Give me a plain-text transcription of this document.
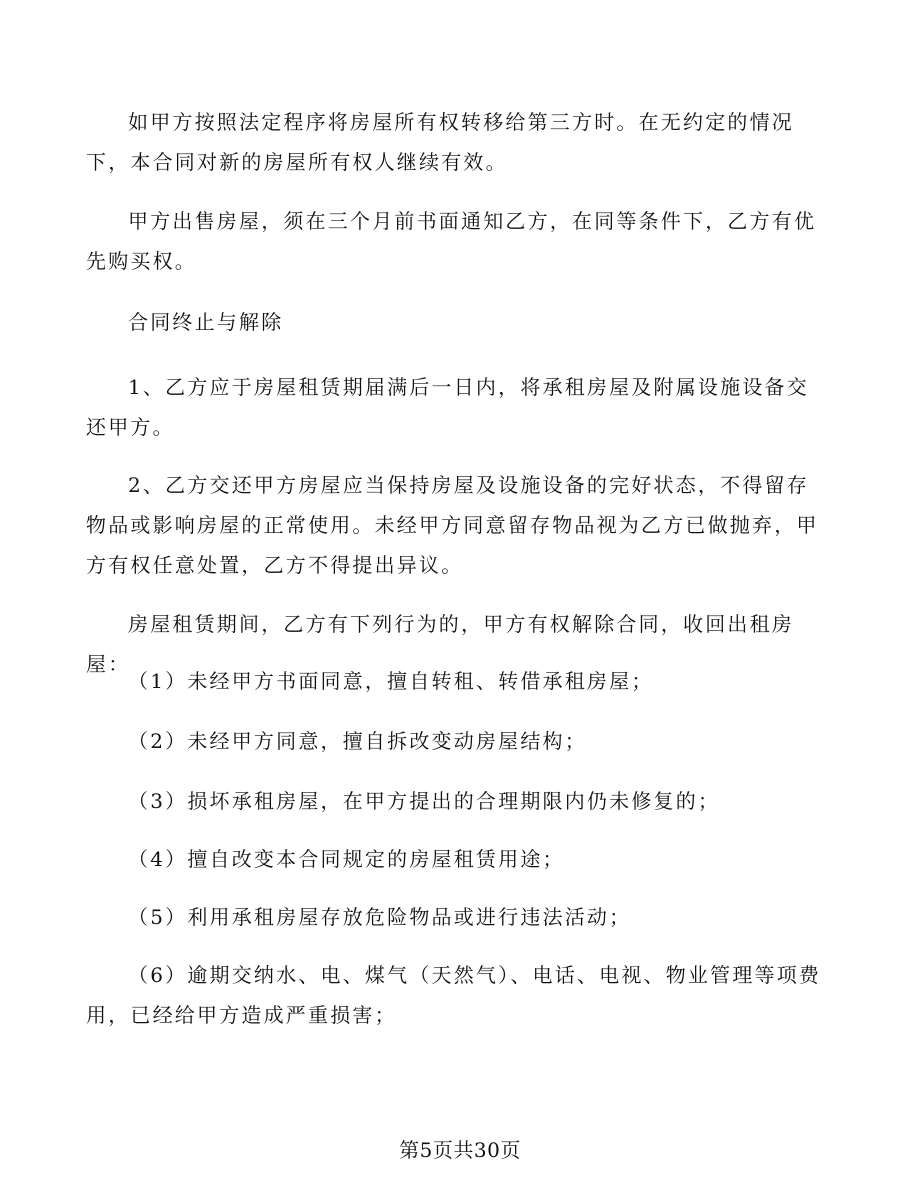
如甲方按照法定程序将房屋所有权转移给第三方时。在无约定的情况下，本合同对新的房屋所有权人继续有效。

甲方出售房屋，须在三个月前书面通知乙方，在同等条件下，乙方有优先购买权。

合同终止与解除

1、乙方应于房屋租赁期届满后一日内，将承租房屋及附属设施设备交还甲方。

2、乙方交还甲方房屋应当保持房屋及设施设备的完好状态，不得留存物品或影响房屋的正常使用。未经甲方同意留存物品视为乙方已做抛弃，甲方有权任意处置，乙方不得提出异议。

房屋租赁期间，乙方有下列行为的，甲方有权解除合同，收回出租房屋：

（1）未经甲方书面同意，擅自转租、转借承租房屋；

（2）未经甲方同意，擅自拆改变动房屋结构；

（3）损坏承租房屋，在甲方提出的合理期限内仍未修复的；

（4）擅自改变本合同规定的房屋租赁用途；

（5）利用承租房屋存放危险物品或进行违法活动；

（6）逾期交纳水、电、煤气（天然气）、电话、电视、物业管理等项费用，已经给甲方造成严重损害；

第5页共30页
